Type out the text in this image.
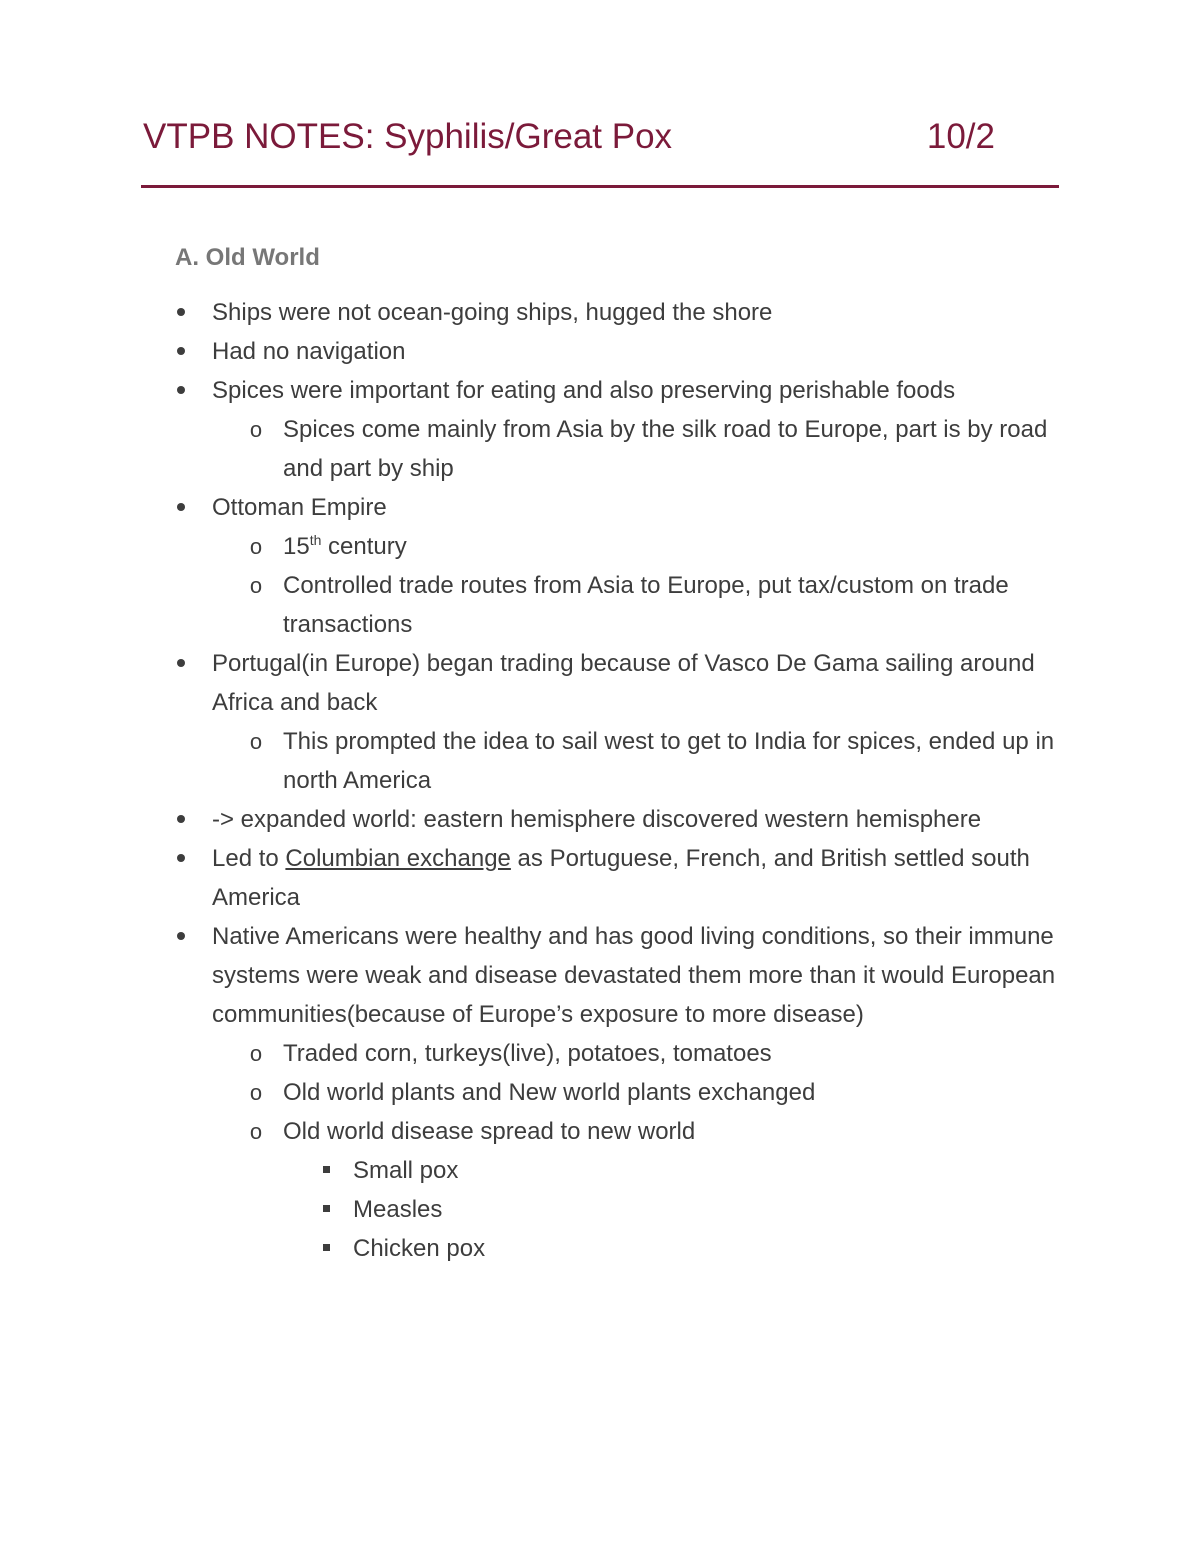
VTPB NOTES: Syphilis/Great Pox	10/2
A. Old World
Ships were not ocean-going ships, hugged the shore
Had no navigation
Spices were important for eating and also preserving perishable foods
o Spices come mainly from Asia by the silk road to Europe, part is by road and part by ship
Ottoman Empire
o 15th century
o Controlled trade routes from Asia to Europe, put tax/custom on trade transactions
Portugal(in Europe) began trading because of Vasco De Gama sailing around Africa and back
o This prompted the idea to sail west to get to India for spices, ended up in north America
-> expanded world: eastern hemisphere discovered western hemisphere
Led to Columbian exchange as Portuguese, French, and British settled south America
Native Americans were healthy and has good living conditions, so their immune systems were weak and disease devastated them more than it would European communities(because of Europe’s exposure to more disease)
o Traded corn, turkeys(live), potatoes, tomatoes
o Old world plants and New world plants exchanged
o Old world disease spread to new world
Small pox
Measles
Chicken pox
